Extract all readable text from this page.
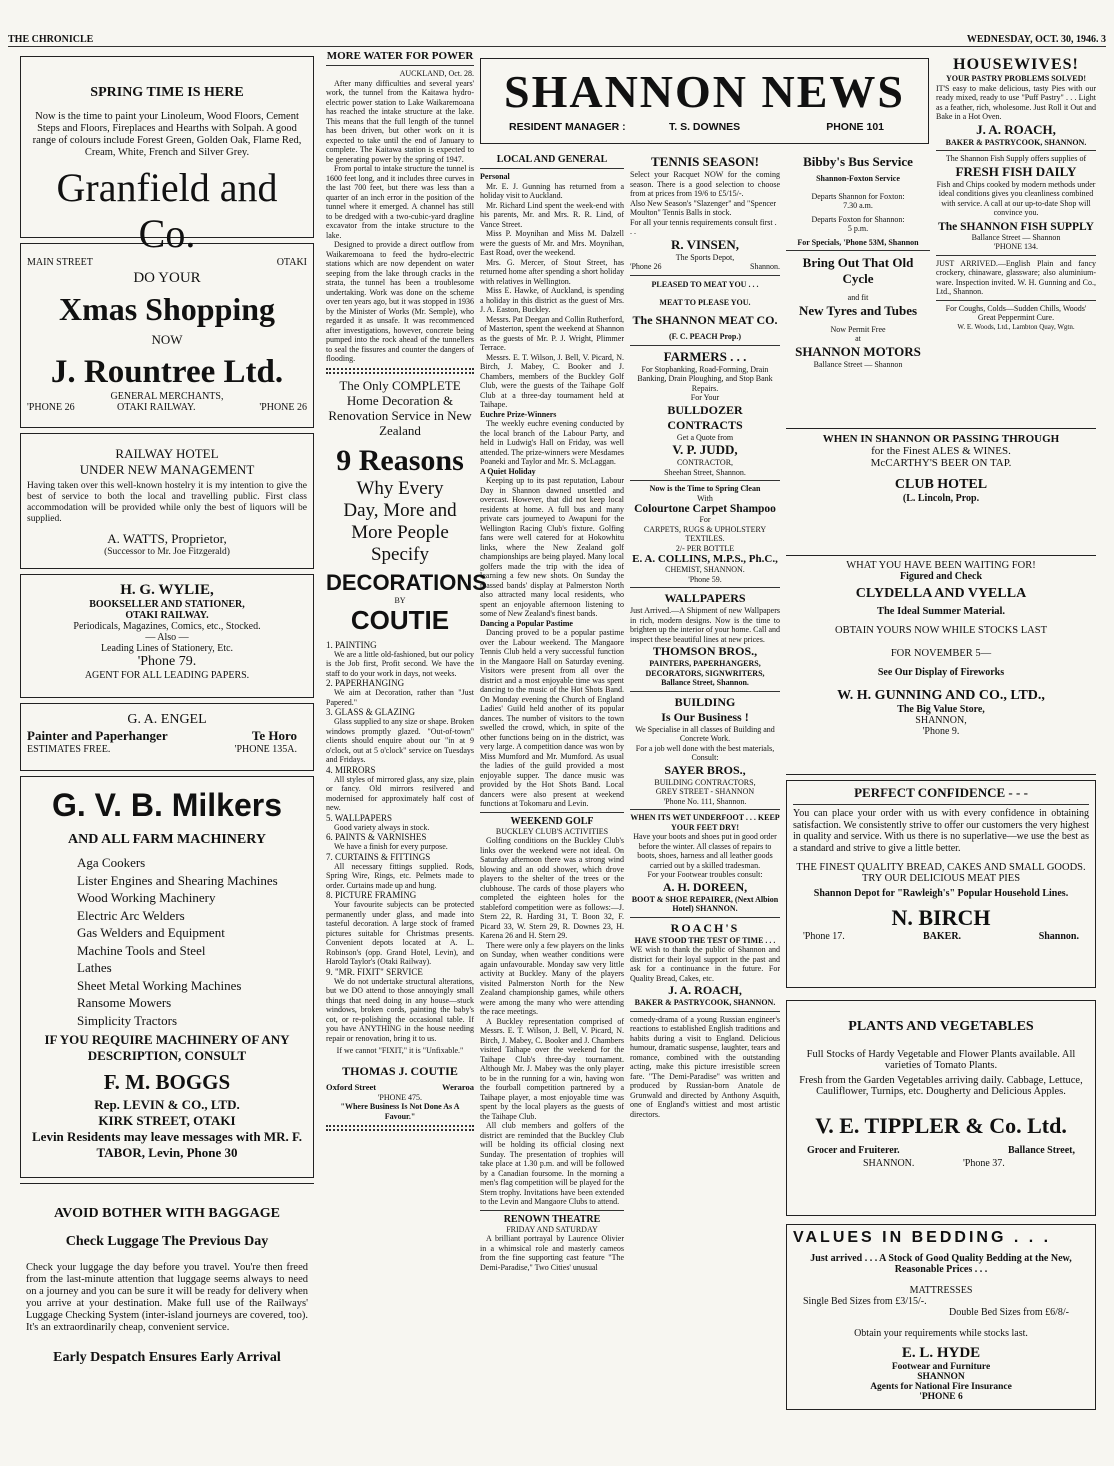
THE CHRONICLE	WEDNESDAY, OCT. 30, 1946. 3
SPRING TIME IS HERE
Now is the time to paint your Linoleum, Wood Floors, Cement Steps and Floors, Fireplaces and Hearths with Solpah. A good range of colours include Forest Green, Golden Oak, Flame Red, Cream, White, French and Silver Grey.
Granfield and Co.
MAIN STREET	OTAKI
DO YOUR
Xmas Shopping
NOW
J. Rountree Ltd.
GENERAL MERCHANTS,
'PHONE 26	OTAKI RAILWAY.	'PHONE 26
RAILWAY HOTEL
UNDER NEW MANAGEMENT
Having taken over this well-known hostelry it is my intention to give the best of service to both the local and travelling public. First class accommodation will be provided while only the best of liquors will be supplied.
A. WATTS, Proprietor,
(Successor to Mr. Joe Fitzgerald)
H. G. WYLIE,
BOOKSELLER AND STATIONER,
OTAKI RAILWAY.
Periodicals, Magazines, Comics, etc., Stocked.
— Also —
Leading Lines of Stationery, Etc.
'Phone 79.
AGENT FOR ALL LEADING PAPERS.
G. A. ENGEL
Painter and Paperhanger	Te Horo
ESTIMATES FREE.	'PHONE 135A.
G. V. B. Milkers
AND ALL FARM MACHINERY
Aga Cookers
Lister Engines and Shearing Machines
Wood Working Machinery
Electric Arc Welders
Gas Welders and Equipment
Machine Tools and Steel
Lathes
Sheet Metal Working Machines
Ransome Mowers
Simplicity Tractors
IF YOU REQUIRE MACHINERY OF ANY DESCRIPTION, CONSULT
F. M. BOGGS
Rep. LEVIN & CO., LTD.
KIRK STREET, OTAKI
Levin Residents may leave messages with MR. F. TABOR, Levin, Phone 30
AVOID BOTHER WITH BAGGAGE
Check Luggage The Previous Day
Check your luggage the day before you travel. You're then freed from the last-minute attention that luggage seems always to need on a journey and you can be sure it will be ready for delivery when you arrive at your destination. Make full use of the Railways' Luggage Checking System (inter-island journeys are covered, too). It's an extraordinarily cheap, convenient service.
Early Despatch Ensures Early Arrival
MORE WATER FOR POWER
AUCKLAND, Oct. 28.
After many difficulties and several years' work, the tunnel from the Kaitawa hydro-electric power station to Lake Waikaremoana has reached the intake structure at the lake. This means that the full length of the tunnel has been driven, but other work on it is expected to take until the end of January to complete. The Kaitawa station is expected to be generating power by the spring of 1947.
From portal to intake structure the tunnel is 1600 feet long, and it includes three curves in the last 700 feet, but there was less than a quarter of an inch error in the position of the tunnel where it emerged. A channel has still to be dredged with a two-cubic-yard dragline excavator from the intake structure to the lake.
Designed to provide a direct outflow from Waikaremoana to feed the hydro-electric stations which are now dependent on water seeping from the lake through cracks in the strata, the tunnel has been a troublesome undertaking. Work was done on the scheme over ten years ago, but it was stopped in 1936 by the Minister of Works (Mr. Semple), who regarded it as unsafe. It was recommenced after investigations, however, concrete being pumped into the rock ahead of the tunnellers to seal the fissures and counter the dangers of flooding.
The Only COMPLETE Home Decoration & Renovation Service in New Zealand
9 Reasons
Why Every
Day, More and More People
Specify
DECORATIONS
BY
COUTIE
1. PAINTING
We are a little old-fashioned, but our policy is the Job first, Profit second. We have the staff to do your work in days, not weeks.
2. PAPERHANGING
We aim at Decoration, rather than "Just Papered."
3. GLASS & GLAZING
Glass supplied to any size or shape. Broken windows promptly glazed. "Out-of-town" clients should enquire about our "in at 9 o'clock, out at 5 o'clock" service on Tuesdays and Fridays.
4. MIRRORS
All styles of mirrored glass, any size, plain or fancy. Old mirrors resilvered and modernised for approximately half cost of new.
5. WALLPAPERS
Good variety always in stock.
6. PAINTS & VARNISHES
We have a finish for every purpose.
7. CURTAINS & FITTINGS
All necessary fittings supplied. Rods, Spring Wire, Rings, etc. Pelmets made to order. Curtains made up and hung.
8. PICTURE FRAMING
Your favourite subjects can be protected permanently under glass, and made into tasteful decoration. A large stock of framed pictures suitable for Christmas presents. Convenient depots located at A. L. Robinson's (opp. Grand Hotel, Levin), and Harold Taylor's (Otaki Railway).
9. "MR. FIXIT" SERVICE
We do not undertake structural alterations, but we DO attend to those annoyingly small things that need doing in any house—stuck windows, broken cords, painting the baby's cot, or re-polishing the occasional table. If you have ANYTHING in the house needing repair or renovation, bring it to us.
If we cannot "FIXIT," it is "Unfixable."
THOMAS J. COUTIE
Oxford Street	Weraroa
'PHONE 475.
"Where Business Is Not Done As A Favour."
SHANNON NEWS
RESIDENT MANAGER :	T. S. DOWNES	PHONE 101
LOCAL AND GENERAL
Personal
Mr. E. J. Gunning has returned from a holiday visit to Auckland.
Mr. Richard Lind spent the week-end with his parents, Mr. and Mrs. R. R. Lind, of Vance Street.
Miss P. Moynihan and Miss M. Dalzell were the guests of Mr. and Mrs. Moynihan, East Road, over the weekend.
Mrs. G. Mercer, of Stout Street, has returned home after spending a short holiday with relatives in Wellington.
Miss E. Hawke, of Auckland, is spending a holiday in this district as the guest of Mrs. J. A. Easton, Buckley.
Messrs. Pat Deegan and Collin Rutherford, of Masterton, spent the weekend at Shannon as the guests of Mr. P. J. Wright, Plimmer Terrace.
Messrs. E. T. Wilson, J. Bell, V. Picard, N. Birch, J. Mabey, C. Booker and J. Chambers, members of the Buckley Golf Club, were the guests of the Taihape Golf Club at a three-day tournament held at Taihape.
Euchre Prize-Winners
The weekly euchre evening conducted by the local branch of the Labour Party, and held in Ludwig's Hall on Friday, was well attended. The prize-winners were Mesdames Poaneki and Taylor and Mr. S. McLaggan.
A Quiet Holiday
Keeping up to its past reputation, Labour Day in Shannon dawned unsettled and overcast. However, that did not keep local residents at home. A full bus and many private cars journeyed to Awapuni for the Wellington Racing Club's fixture. Golfing fans were well catered for at Hokowhitu links, where the New Zealand golf championships are being played. Many local golfers made the trip with the idea of learning a few new shots. On Sunday the massed bands' display at Palmerston North also attracted many local residents, who spent an enjoyable afternoon listening to some of New Zealand's finest bands.
Dancing a Popular Pastime
Dancing proved to be a popular pastime over the Labour weekend. The Mangaore Tennis Club held a very successful function in the Mangaore Hall on Saturday evening. Visitors were present from all over the district and a most enjoyable time was spent dancing to the music of the Hot Shots Band. On Monday evening the Church of England Ladies' Guild held another of its popular dances. The number of visitors to the town swelled the crowd, which, in spite of the other functions being on in the district, was very large. A competition dance was won by Miss Mumford and Mr. Mumford. As usual the ladies of the guild provided a most enjoyable supper. The dance music was provided by the Hot Shots Band. Local dancers were also present at weekend functions at Tokomaru and Levin.
WEEKEND GOLF
BUCKLEY CLUB'S ACTIVITIES
Golfing conditions on the Buckley Club's links over the weekend were not ideal. On Saturday afternoon there was a strong wind blowing and an odd shower, which drove players to the shelter of the trees or the clubhouse. The cards of those players who completed the eighteen holes for the stableford competition were as follows:—J. Stern 22, R. Harding 31, T. Boon 32, F. Picard 33, W. Stern 29, R. Downes 23, H. Karena 26 and H. Stern 29.
There were only a few players on the links on Sunday, when weather conditions were again unfavourable. Monday saw very little activity at Buckley. Many of the players visited Palmerston North for the New Zealand championship games, while others were among the many who were attending the race meetings.
A Buckley representation comprised of Messrs. E. T. Wilson, J. Bell, V. Picard, N. Birch, J. Mabey, C. Booker and J. Chambers visited Taihape over the weekend for the Taihape Club's three-day tournament. Although Mr. J. Mabey was the only player to be in the running for a win, having won the fourball competition partnered by a Taihape player, a most enjoyable time was spent by the local players as the guests of the Taihape Club.
All club members and golfers of the district are reminded that the Buckley Club will be holding its official closing next Sunday. The presentation of trophies will take place at 1.30 p.m. and will be followed by a Canadian foursome. In the morning a men's flag competition will be played for the Stern trophy. Invitations have been extended to the Levin and Mangaore Clubs to attend.
RENOWN THEATRE
FRIDAY AND SATURDAY
A brilliant portrayal by Laurence Olivier in a whimsical role and masterly cameos from the fine supporting cast feature "The Demi-Paradise," Two Cities' unusual
TENNIS SEASON!
Select your Racquet NOW for the coming season. There is a good selection to choose from at prices from 19/6 to £5/15/-.
Also New Season's "Slazenger" and "Spencer Moulton" Tennis Balls in stock.
For all your tennis requirements consult first . . .
R. VINSEN,
The Sports Depot,
'Phone 26	Shannon.
PLEASED TO MEAT YOU . . .
MEAT TO PLEASE YOU.
The SHANNON MEAT CO.
(F. C. PEACH Prop.)
FARMERS . . .
For Stopbanking, Road-Forming, Drain Banking, Drain Ploughing, and Stop Bank Repairs.
For Your
BULLDOZER CONTRACTS
Get a Quote from
V. P. JUDD,
CONTRACTOR,
Sheehan Street, Shannon.
Now is the Time to Spring Clean
With
Colourtone Carpet Shampoo
For
CARPETS, RUGS & UPHOLSTERY TEXTILES.
2/- PER BOTTLE
E. A. COLLINS, M.P.S., Ph.C.,
CHEMIST, SHANNON.
'Phone 59.
WALLPAPERS
Just Arrived.—A Shipment of new Wallpapers in rich, modern designs. Now is the time to brighten up the interior of your home. Call and inspect these beautiful lines at new prices.
THOMSON BROS.,
PAINTERS, PAPERHANGERS, DECORATORS, SIGNWRITERS,
Ballance Street, Shannon.
BUILDING
Is Our Business !
We Specialise in all classes of Building and Concrete Work.
For a job well done with the best materials, Consult:
SAYER BROS.,
BUILDING CONTRACTORS,
GREY STREET - SHANNON
'Phone No. 111, Shannon.
WHEN ITS WET UNDERFOOT . . . KEEP YOUR FEET DRY!
Have your boots and shoes put in good order before the winter. All classes of repairs to boots, shoes, harness and all leather goods carried out by a skilled tradesman.
For your Footwear troubles consult:
A. H. DOREEN,
BOOT & SHOE REPAIRER, (Next Albion Hotel) SHANNON.
ROACH'S
HAVE STOOD THE TEST OF TIME . . .
WE wish to thank the public of Shannon and district for their loyal support in the past and ask for a continuance in the future. For Quality Bread, Cakes, etc.
J. A. ROACH,
BAKER & PASTRYCOOK, SHANNON.
comedy-drama of a young Russian engineer's reactions to established English traditions and habits during a visit to England. Delicious humour, dramatic suspense, laughter, tears and romance, combined with the outstanding acting, make this picture irresistible screen fare. "The Demi-Paradise" was written and produced by Russian-born Anatole de Grunwald and directed by Anthony Asquith, one of England's wittiest and most artistic directors.
Bibby's Bus Service
Shannon-Foxton Service
Departs Shannon for Foxton:
7.30 a.m.
Departs Foxton for Shannon:
5 p.m.
For Specials, 'Phone 53M, Shannon
Bring Out That Old Cycle
and fit
New Tyres and Tubes
Now Permit Free
at
SHANNON MOTORS
Ballance Street — Shannon
HOUSEWIVES!
YOUR PASTRY PROBLEMS SOLVED!
IT'S easy to make delicious, tasty Pies with our ready mixed, ready to use "Puff Pastry" . . . Light as a feather, rich, wholesome. Just Roll it Out and Bake in a Hot Oven.
J. A. ROACH,
BAKER & PASTRYCOOK, SHANNON.
The Shannon Fish Supply offers supplies of
FRESH FISH DAILY
Fish and Chips cooked by modern methods under ideal conditions gives you cleanliness combined with service. A call at our up-to-date Shop will convince you.
The SHANNON FISH SUPPLY
Ballance Street — Shannon
'PHONE 134.
JUST ARRIVED.—English Plain and fancy crockery, chinaware, glassware; also aluminium-ware. Inspection invited. W. H. Gunning and Co., Ltd., Shannon.
For Coughs, Colds—Sudden Chills, Woods' Great Peppermint Cure.
W. E. Woods, Ltd., Lambton Quay, Wgtn.
WHEN IN SHANNON OR PASSING THROUGH
for the Finest ALES & WINES.
McCARTHY'S BEER ON TAP.
CLUB HOTEL
(L. Lincoln, Prop.
WHAT YOU HAVE BEEN WAITING FOR!
Figured and Check
CLYDELLA AND VYELLA
The Ideal Summer Material.
OBTAIN YOURS NOW WHILE STOCKS LAST
FOR NOVEMBER 5—
See Our Display of Fireworks
W. H. GUNNING AND CO., LTD.,
The Big Value Store,
SHANNON,
'Phone 9.
PERFECT CONFIDENCE - - -
You can place your order with us with every confidence in obtaining satisfaction. We consistently strive to offer our customers the very highest in quality and service. With us there is no superlative—we use the best as a standard and strive to give a little better.
THE FINEST QUALITY BREAD, CAKES AND SMALL GOODS.
TRY OUR DELICIOUS MEAT PIES
Shannon Depot for "Rawleigh's" Popular Household Lines.
N. BIRCH
'Phone 17.	BAKER.	Shannon.
PLANTS AND VEGETABLES
Full Stocks of Hardy Vegetable and Flower Plants available. All varieties of Tomato Plants.
Fresh from the Garden Vegetables arriving daily. Cabbage, Lettuce, Cauliflower, Turnips, etc. Dougherty and Delicious Apples.
V. E. TIPPLER & Co. Ltd.
Grocer and Fruiterer.	Ballance Street,
SHANNON.	'Phone 37.
VALUES IN BEDDING . . .
Just arrived . . . A Stock of Good Quality Bedding at the New, Reasonable Prices . . .
MATTRESSES
Single Bed Sizes from £3/15/-.
Double Bed Sizes from £6/8/-
Obtain your requirements while stocks last.
E. L. HYDE
Footwear and Furniture
SHANNON
Agents for National Fire Insurance
'PHONE 6
